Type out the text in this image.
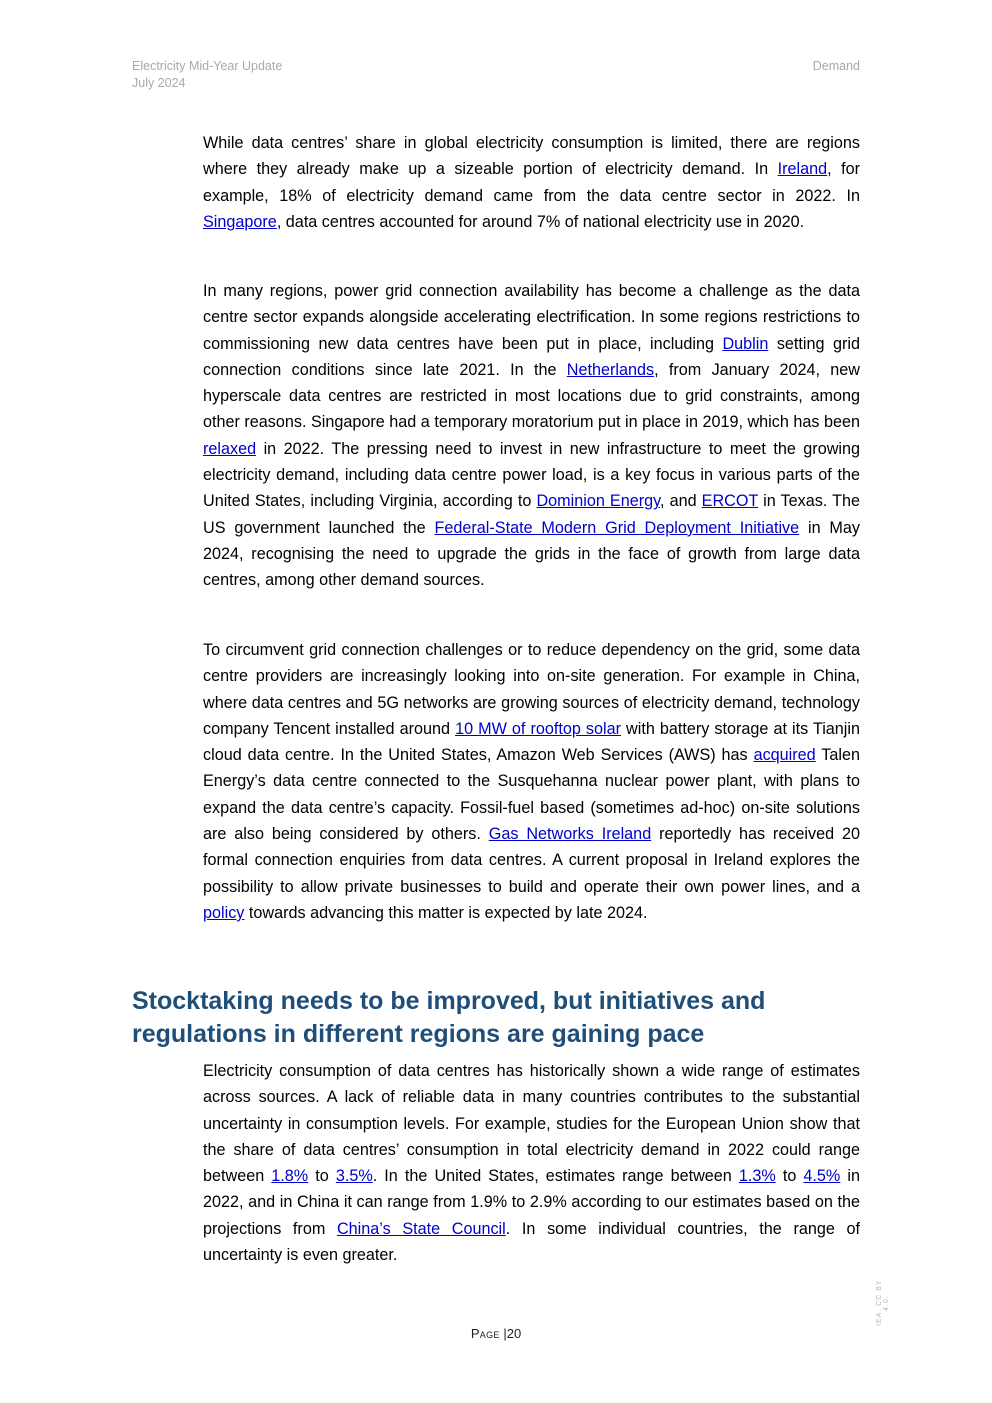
Electricity Mid-Year Update
July 2024
Demand

While data centres’ share in global electricity consumption is limited, there are regions where they already make up a sizeable portion of electricity demand. In Ireland, for example, 18% of electricity demand came from the data centre sector in 2022. In Singapore, data centres accounted for around 7% of national electricity use in 2020.

In many regions, power grid connection availability has become a challenge as the data centre sector expands alongside accelerating electrification. In some regions restrictions to commissioning new data centres have been put in place, including Dublin setting grid connection conditions since late 2021. In the Netherlands, from January 2024, new hyperscale data centres are restricted in most locations due to grid constraints, among other reasons. Singapore had a temporary moratorium put in place in 2019, which has been relaxed in 2022. The pressing need to invest in new infrastructure to meet the growing electricity demand, including data centre power load, is a key focus in various parts of the United States, including Virginia, according to Dominion Energy, and ERCOT in Texas. The US government launched the Federal-State Modern Grid Deployment Initiative in May 2024, recognising the need to upgrade the grids in the face of growth from large data centres, among other demand sources.

To circumvent grid connection challenges or to reduce dependency on the grid, some data centre providers are increasingly looking into on-site generation. For example in China, where data centres and 5G networks are growing sources of electricity demand, technology company Tencent installed around 10 MW of rooftop solar with battery storage at its Tianjin cloud data centre. In the United States, Amazon Web Services (AWS) has acquired Talen Energy’s data centre connected to the Susquehanna nuclear power plant, with plans to expand the data centre’s capacity. Fossil-fuel based (sometimes ad-hoc) on-site solutions are also being considered by others. Gas Networks Ireland reportedly has received 20 formal connection enquiries from data centres. A current proposal in Ireland explores the possibility to allow private businesses to build and operate their own power lines, and a policy towards advancing this matter is expected by late 2024.

Stocktaking needs to be improved, but initiatives and regulations in different regions are gaining pace

Electricity consumption of data centres has historically shown a wide range of estimates across sources. A lack of reliable data in many countries contributes to the substantial uncertainty in consumption levels. For example, studies for the European Union show that the share of data centres’ consumption in total electricity demand in 2022 could range between 1.8% to 3.5%. In the United States, estimates range between 1.3% to 4.5% in 2022, and in China it can range from 1.9% to 2.9% according to our estimates based on the projections from China’s State Council. In some individual countries, the range of uncertainty is even greater.

Page |20
IEA. CC BY 4.0.
